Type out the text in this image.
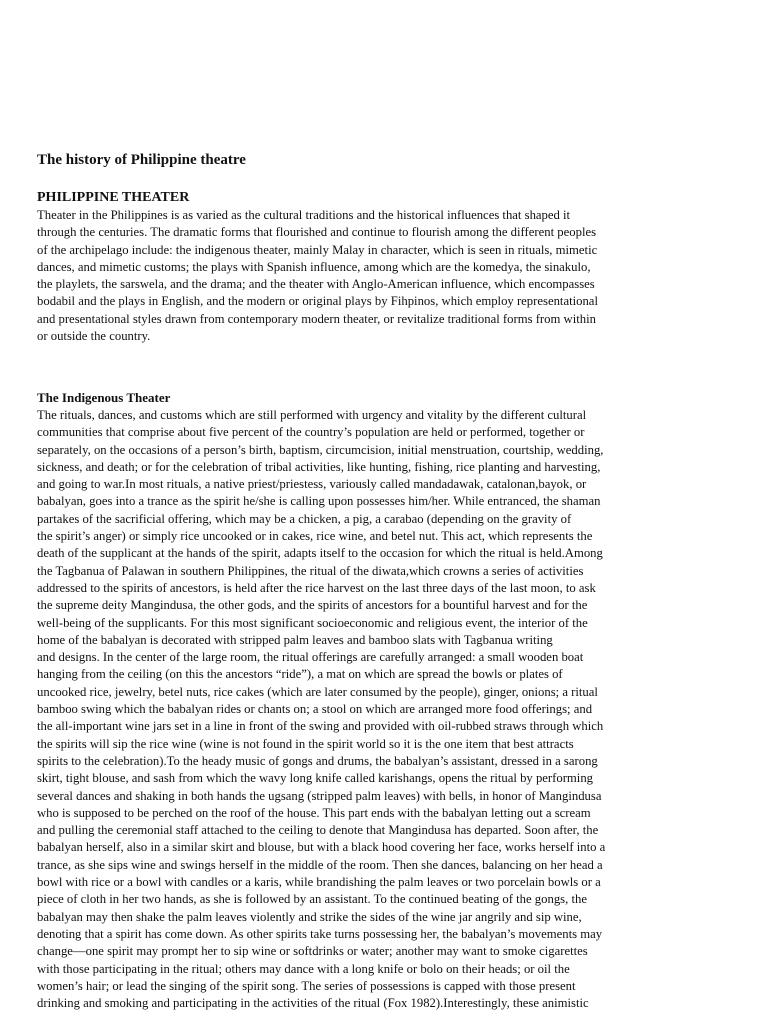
The history of Philippine theatre
PHILIPPINE THEATER

Theater in the Philippines is as varied as the cultural traditions and the historical influences that shaped it
through the centuries. The dramatic forms that flourished and continue to flourish among the different peoples
of the archipelago include: the indigenous theater, mainly Malay in character, which is seen in rituals, mimetic
dances, and mimetic customs; the plays with Spanish influence, among which are the komedya, the sinakulo,
the playlets, the sarswela, and the drama; and the theater with Anglo-American influence, which encompasses
bodabil and the plays in English, and the modern or original plays by Fihpinos, which employ representational
and presentational styles drawn from contemporary modern theater, or revitalize traditional forms from within
or outside the country.

The Indigenous Theater

The rituals, dances, and customs which are still performed with urgency and vitality by the different cultural
communities that comprise about five percent of the country’s population are held or performed, together or
separately, on the occasions of a person’s birth, baptism, circumcision, initial menstruation, courtship, wedding,
sickness, and death; or for the celebration of tribal activities, like hunting, fishing, rice planting and harvesting,
and going to war.In most rituals, a native priest/priestess, variously called mandadawak, catalonan,bayok, or
babalyan, goes into a trance as the spirit he/she is calling upon possesses him/her. While entranced, the shaman
partakes of the sacrificial offering, which may be a chicken, a pig, a carabao (depending on the gravity of
the spirit’s anger) or simply rice uncooked or in cakes, rice wine, and betel nut. This act, which represents the
death of the supplicant at the hands of the spirit, adapts itself to the occasion for which the ritual is held.Among
the Tagbanua of Palawan in southern Philippines, the ritual of the diwata,which crowns a series of activities
addressed to the spirits of ancestors, is held after the rice harvest on the last three days of the last moon, to ask
the supreme deity Mangindusa, the other gods, and the spirits of ancestors for a bountiful harvest and for the
well-being of the supplicants. For this most significant socioeconomic and religious event, the interior of the
home of the babalyan is decorated with stripped palm leaves and bamboo slats with Tagbanua writing
and designs. In the center of the large room, the ritual offerings are carefully arranged: a small wooden boat
hanging from the ceiling (on this the ancestors “ride”), a mat on which are spread the bowls or plates of
uncooked rice, jewelry, betel nuts, rice cakes (which are later consumed by the people), ginger, onions; a ritual
bamboo swing which the babalyan rides or chants on; a stool on which are arranged more food offerings; and
the all-important wine jars set in a line in front of the swing and provided with oil-rubbed straws through which
the spirits will sip the rice wine (wine is not found in the spirit world so it is the one item that best attracts
spirits to the celebration).To the heady music of gongs and drums, the babalyan’s assistant, dressed in a sarong
skirt, tight blouse, and sash from which the wavy long knife called karishangs, opens the ritual by performing
several dances and shaking in both hands the ugsang (stripped palm leaves) with bells, in honor of Mangindusa
who is supposed to be perched on the roof of the house. This part ends with the babalyan letting out a scream
and pulling the ceremonial staff attached to the ceiling to denote that Mangindusa has departed. Soon after, the
babalyan herself, also in a similar skirt and blouse, but with a black hood covering her face, works herself into a
trance, as she sips wine and swings herself in the middle of the room. Then she dances, balancing on her head a
bowl with rice or a bowl with candles or a karis, while brandishing the palm leaves or two porcelain bowls or a
piece of cloth in her two hands, as she is followed by an assistant. To the continued beating of the gongs, the
babalyan may then shake the palm leaves violently and strike the sides of the wine jar angrily and sip wine,
denoting that a spirit has come down. As other spirits take turns possessing her, the babalyan’s movements may
change—one spirit may prompt her to sip wine or softdrinks or water; another may want to smoke cigarettes
with those participating in the ritual; others may dance with a long knife or bolo on their heads; or oil the
women’s hair; or lead the singing of the spirit song. The series of possessions is capped with those present
drinking and smoking and participating in the activities of the ritual (Fox 1982).Interestingly, these animistic
